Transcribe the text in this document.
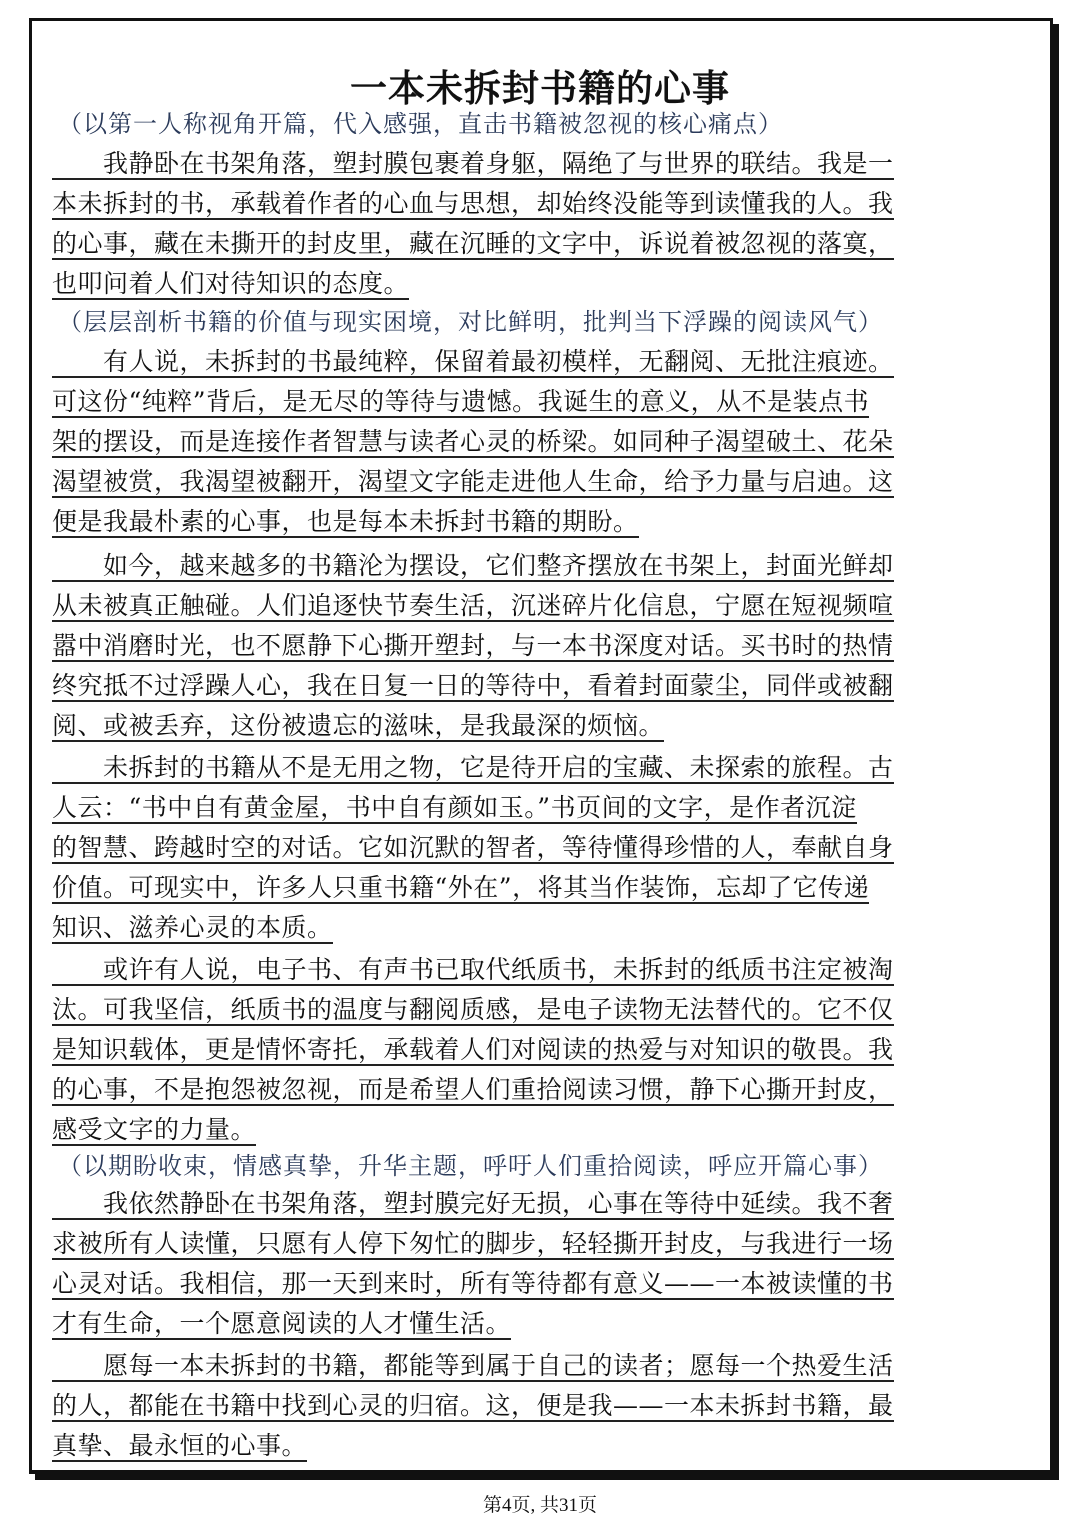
一本未拆封书籍的心事
（以第一人称视角开篇，代入感强，直击书籍被忽视的核心痛点）
　　我静卧在书架角落，塑封膜包裹着身躯，隔绝了与世界的联结。我是一
本未拆封的书，承载着作者的心血与思想，却始终没能等到读懂我的人。我
的心事，藏在未撕开的封皮里，藏在沉睡的文字中，诉说着被忽视的落寞，
也叩问着人们对待知识的态度。
（层层剖析书籍的价值与现实困境，对比鲜明，批判当下浮躁的阅读风气）
　　有人说，未拆封的书最纯粹，保留着最初模样，无翻阅、无批注痕迹。
可这份“纯粹”背后，是无尽的等待与遗憾。我诞生的意义，从不是装点书
架的摆设，而是连接作者智慧与读者心灵的桥梁。如同种子渴望破土、花朵
渴望被赏，我渴望被翻开，渴望文字能走进他人生命，给予力量与启迪。这
便是我最朴素的心事，也是每本未拆封书籍的期盼。
　　如今，越来越多的书籍沦为摆设，它们整齐摆放在书架上，封面光鲜却
从未被真正触碰。人们追逐快节奏生活，沉迷碎片化信息，宁愿在短视频喧
嚣中消磨时光，也不愿静下心撕开塑封，与一本书深度对话。买书时的热情
终究抵不过浮躁人心，我在日复一日的等待中，看着封面蒙尘，同伴或被翻
阅、或被丢弃，这份被遗忘的滋味，是我最深的烦恼。
　　未拆封的书籍从不是无用之物，它是待开启的宝藏、未探索的旅程。古
人云：“书中自有黄金屋，书中自有颜如玉。”书页间的文字，是作者沉淀
的智慧、跨越时空的对话。它如沉默的智者，等待懂得珍惜的人，奉献自身
价值。可现实中，许多人只重书籍“外在”，将其当作装饰，忘却了它传递
知识、滋养心灵的本质。
　　或许有人说，电子书、有声书已取代纸质书，未拆封的纸质书注定被淘
汰。可我坚信，纸质书的温度与翻阅质感，是电子读物无法替代的。它不仅
是知识载体，更是情怀寄托，承载着人们对阅读的热爱与对知识的敬畏。我
的心事，不是抱怨被忽视，而是希望人们重拾阅读习惯，静下心撕开封皮，
感受文字的力量。
（以期盼收束，情感真挚，升华主题，呼吁人们重拾阅读，呼应开篇心事）
　　我依然静卧在书架角落，塑封膜完好无损，心事在等待中延续。我不奢
求被所有人读懂，只愿有人停下匆忙的脚步，轻轻撕开封皮，与我进行一场
心灵对话。我相信，那一天到来时，所有等待都有意义——一本被读懂的书
才有生命，一个愿意阅读的人才懂生活。
　　愿每一本未拆封的书籍，都能等到属于自己的读者；愿每一个热爱生活
的人，都能在书籍中找到心灵的归宿。这，便是我——一本未拆封书籍，最
真挚、最永恒的心事。
第4页, 共31页
